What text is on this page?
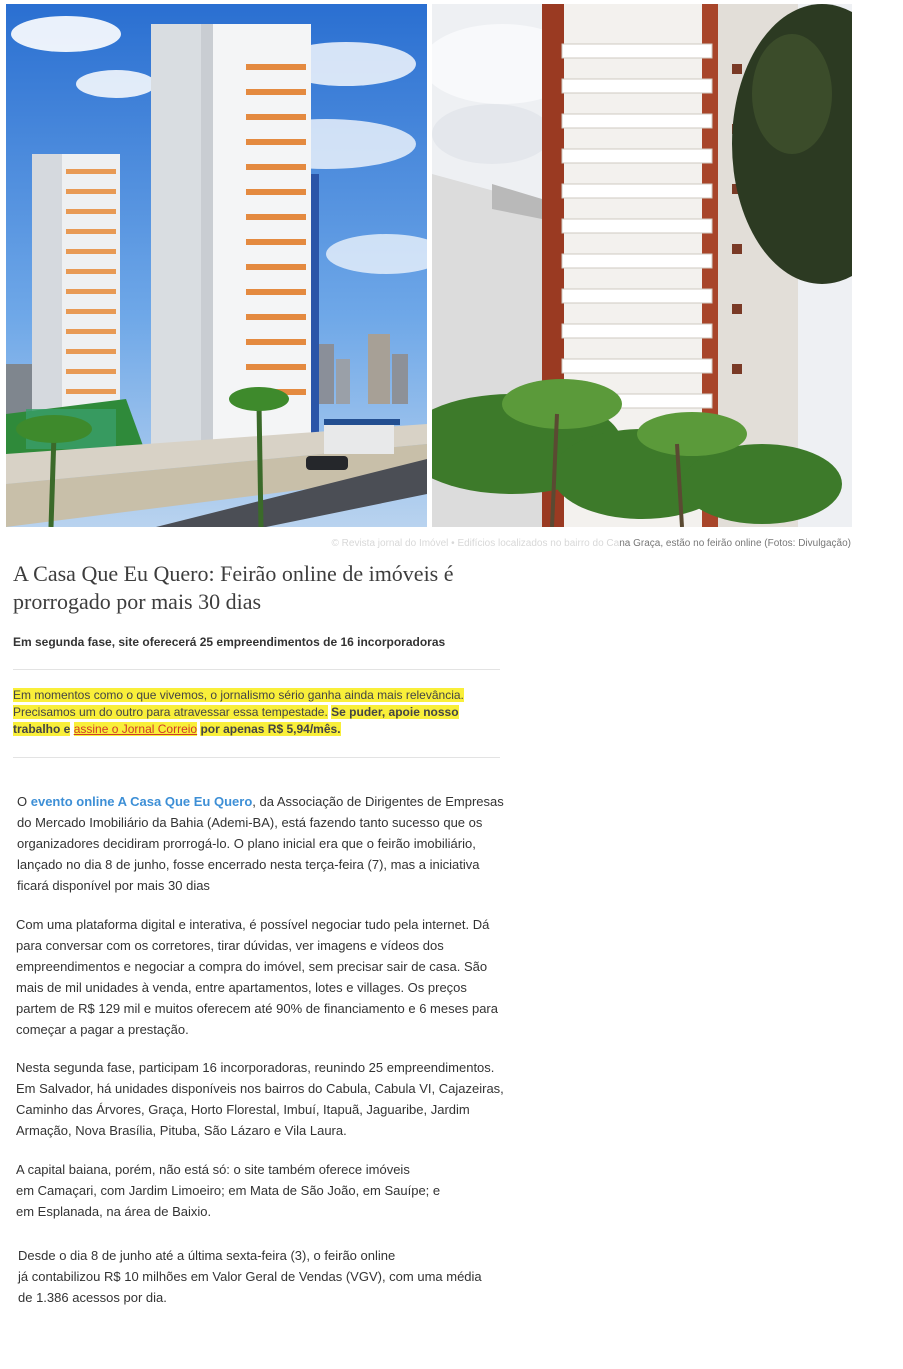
© Revista jornal do Imóvel • Edifícios localizados no bairro do Cana Graça, estão no feirão online (Fotos: Divulgação)
A Casa Que Eu Quero: Feirão online de imóveis é prorrogado por mais 30 dias

Em segunda fase, site oferecerá 25 empreendimentos de 16 incorporadoras

Em momentos como o que vivemos, o jornalismo sério ganha ainda mais relevância.
Precisamos um do outro para atravessar essa tempestade. Se puder, apoie nosso trabalho e assine o Jornal Correio por apenas R$ 5,94/mês.

O evento online A Casa Que Eu Quero, da Associação de Dirigentes de Empresas do Mercado Imobiliário da Bahia (Ademi-BA), está fazendo tanto sucesso que os organizadores decidiram prorrogá-lo. O plano inicial era que o feirão imobiliário, lançado no dia 8 de junho, fosse encerrado nesta terça-feira (7), mas a iniciativa ficará disponível por mais 30 dias

Com uma plataforma digital e interativa, é possível negociar tudo pela internet. Dá para conversar com os corretores, tirar dúvidas, ver imagens e vídeos dos empreendimentos e negociar a compra do imóvel, sem precisar sair de casa. São mais de mil unidades à venda, entre apartamentos, lotes e villages. Os preços partem de R$ 129 mil e muitos oferecem até 90% de financiamento e 6 meses para começar a pagar a prestação.

Nesta segunda fase, participam 16 incorporadoras, reunindo 25 empreendimentos. Em Salvador, há unidades disponíveis nos bairros do Cabula, Cabula VI, Cajazeiras, Caminho das Árvores, Graça, Horto Florestal, Imbuí, Itapuã, Jaguaribe, Jardim Armação, Nova Brasília, Pituba, São Lázaro e Vila Laura.

A capital baiana, porém, não está só: o site também oferece imóveis
em Camaçari, com Jardim Limoeiro; em Mata de São João, em Sauípe; e
em Esplanada, na área de Baixio.

Desde o dia 8 de junho até a última sexta-feira (3), o feirão online
já contabilizou R$ 10 milhões em Valor Geral de Vendas (VGV), com uma média
de 1.386 acessos por dia.
